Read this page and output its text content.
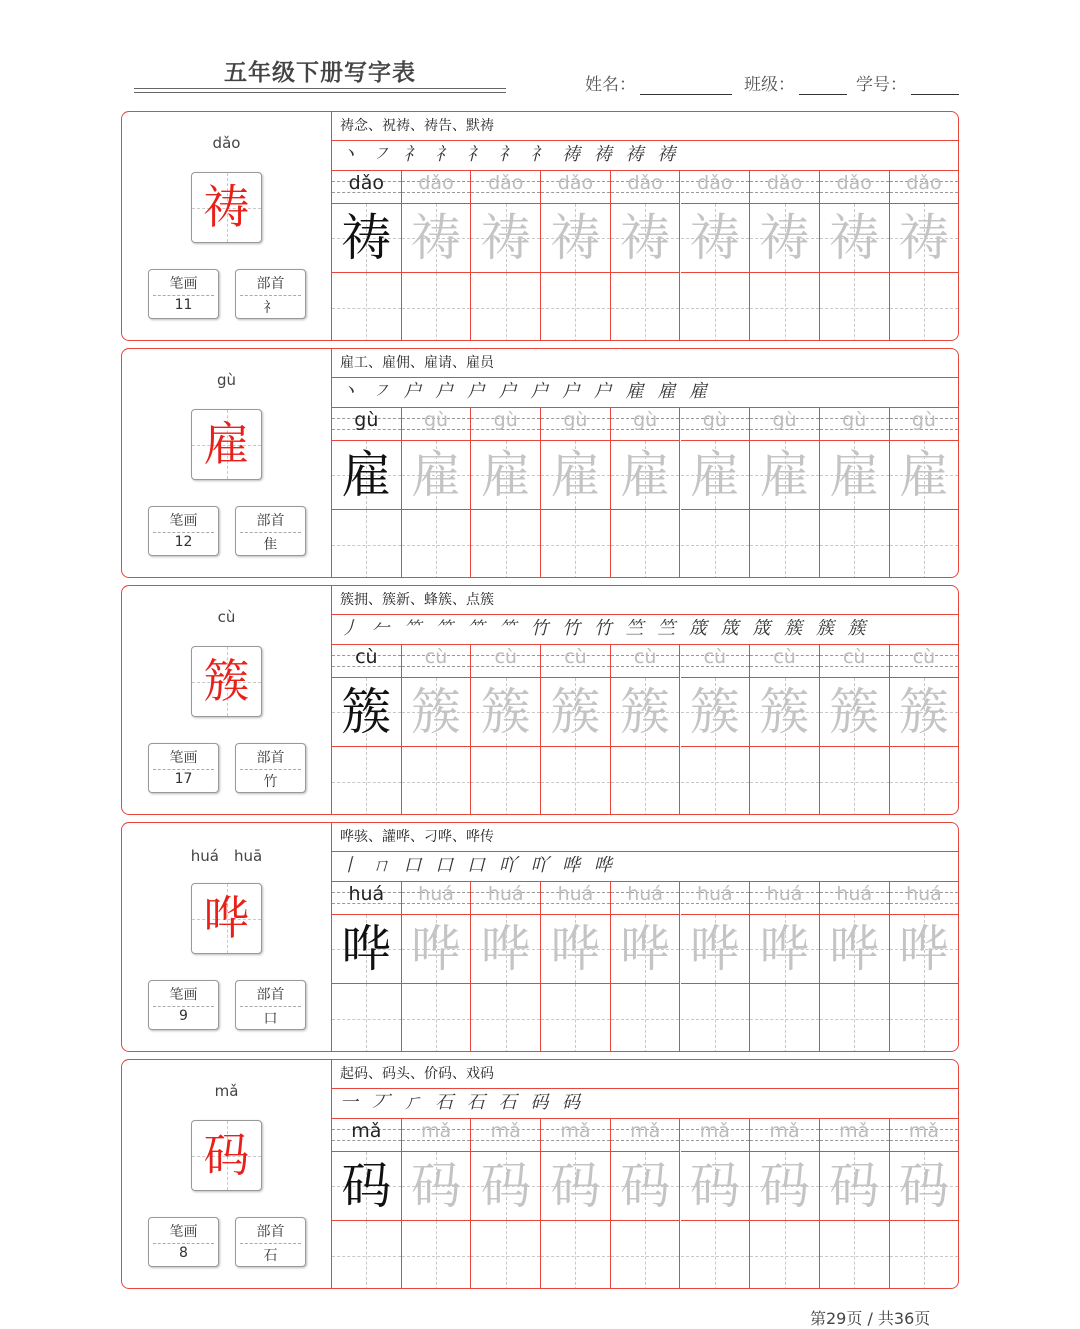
五年级下册写字表	姓名：	班级：	学号：
dǎo
祷
笔画
11
部首
礻
祷念、祝祷、祷告、默祷
丶 ㇇ 礻 礻 礻 礻 礻 祷 祷 祷 祷
dǎo
祷
dǎo
祷
dǎo
祷
dǎo
祷
dǎo
祷
dǎo
祷
dǎo
祷
dǎo
祷
dǎo
祷
gù
雇
笔画
12
部首
隹
雇工、雇佣、雇请、雇员
丶 ㇇ 户 户 户 户 户 户 户 雇 雇 雇
gù
雇
gù
雇
gù
雇
gù
雇
gù
雇
gù
雇
gù
雇
gù
雇
gù
雇
cù
簇
笔画
17
部首
竹
簇拥、簇新、蜂簇、点簇
丿 𠂉 ⺮ ⺮ ⺮ ⺮ 竹 竹 竹 竺 竺 筬 筬 筬 簇 簇 簇
cù
簇
cù
簇
cù
簇
cù
簇
cù
簇
cù
簇
cù
簇
cù
簇
cù
簇
huá　huā
哗
笔画
9
部首
口
哗骇、讙哗、刁哗、哗传
丨 ㄇ 口 口 口 吖 吖 哗 哗
huá
哗
huá
哗
huá
哗
huá
哗
huá
哗
huá
哗
huá
哗
huá
哗
huá
哗
mǎ
码
笔画
8
部首
石
起码、码头、价码、戏码
一 丆 ㄏ 石 石 石 码 码
mǎ
码
mǎ
码
mǎ
码
mǎ
码
mǎ
码
mǎ
码
mǎ
码
mǎ
码
mǎ
码
第29页 / 共36页
